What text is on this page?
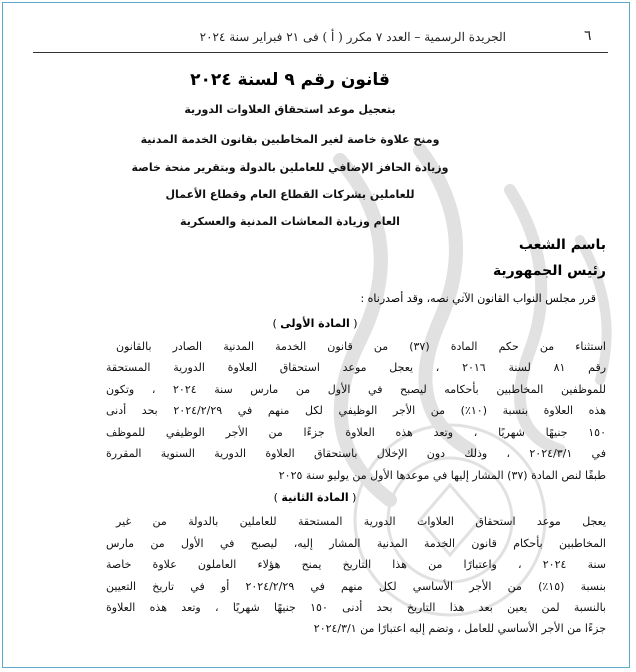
٦
الجريدة الرسمية – العدد ٧ مكرر ( أ ) فى ٢١ فبراير سنة ٢٠٢٤
قانون رقم ٩ لسنة ٢٠٢٤
بتعجيل موعد استحقاق العلاوات الدورية
ومنح علاوة خاصة لغير المخاطبين بقانون الخدمة المدنية
وزيادة الحافز الإضافي للعاملين بالدولة وبتقرير منحة خاصة
للعاملين بشركات القطاع العام وقطاع الأعمال
العام وزيادة المعاشات المدنية والعسكرية
باسم الشعب
رئيس الجمهورية
قرر مجلس النواب القانون الآتي نصه، وقد أصدرناه :
( المادة الأولى )
استثناء من حكم المادة (٣٧) من قانون الخدمة المدنية الصادر بالقانون
رقم ٨١ لسنة ٢٠١٦ ، يعجل موعد استحقاق العلاوة الدورية المستحقة
للموظفين المخاطبين بأحكامه ليصبح في الأول من مارس سنة ٢٠٢٤ ، وتكون
هذه العلاوة بنسبة (١٠٪) من الأجر الوظيفي لكل منهم في ٢٠٢٤/٢/٢٩ بحد أدنى
١٥٠ جنيهًا شهريًا ، وتعد هذه العلاوة جزءًا من الأجر الوظيفي للموظف
في ٢٠٢٤/٣/١ ، وذلك دون الإخلال باستحقاق العلاوة الدورية السنوية المقررة
طبقًا لنص المادة (٣٧) المشار إليها في موعدها الأول من يوليو سنة ٢٠٢٥
( المادة الثانية )
يعجل موعد استحقاق العلاوات الدورية المستحقة للعاملين بالدولة من غير
المخاطبين بأحكام قانون الخدمة المدنية المشار إليه، ليصبح في الأول من مارس
سنة ٢٠٢٤ ، واعتبارًا من هذا التاريخ يمنح هؤلاء العاملون علاوة خاصة
بنسبة (١٥٪) من الأجر الأساسي لكل منهم في ٢٠٢٤/٢/٢٩ أو في تاريخ التعيين
بالنسبة لمن يعين بعد هذا التاريخ بحد أدنى ١٥٠ جنيهًا شهريًا ، وتعد هذه العلاوة
جزءًا من الأجر الأساسي للعامل ، وتضم إليه اعتبارًا من ٢٠٢٤/٣/١
